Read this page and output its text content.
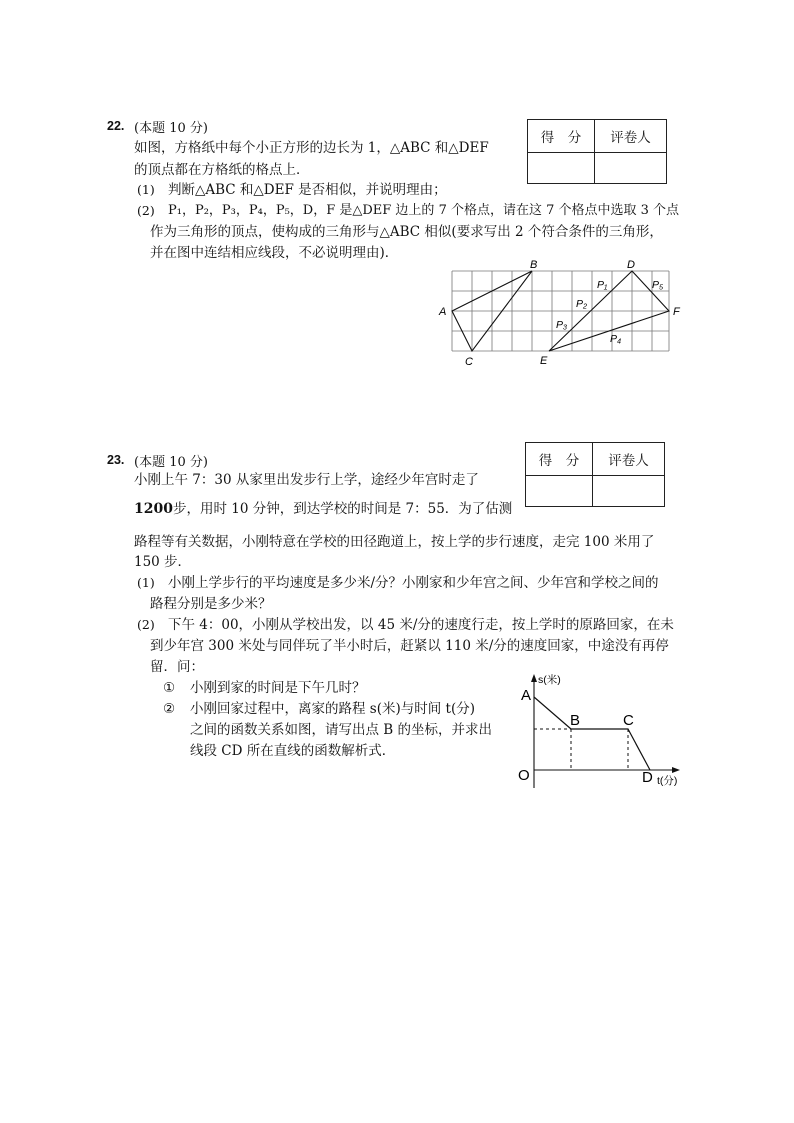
22. (本题 10 分)
得　分	评卷人

如图，方格纸中每个小正方形的边长为 1，△ABC 和△DEF
的顶点都在方格纸的格点上．
(1) 判断△ABC 和△DEF 是否相似，并说明理由；
(2) P₁，P₂，P₃，P₄，P₅，D，F 是△DEF 边上的 7 个格点，请在这 7 个格点中选取 3 个点
作为三角形的顶点，使构成的三角形与△ABC 相似(要求写出 2 个符合条件的三角形，
并在图中连结相应线段，不必说明理由)．
A
B
C
D
E
F
P₁
P₂
P₃
P₄
P₅
23. (本题 10 分)	得　分	评卷人

小刚上午 7：30 从家里出发步行上学，途经少年宫时走了
1200步，用时 10 分钟，到达学校的时间是 7：55．为了估测
路程等有关数据，小刚特意在学校的田径跑道上，按上学的步行速度，走完 100 米用了
150 步．
(1) 小刚上学步行的平均速度是多少米/分？小刚家和少年宫之间、少年宫和学校之间的
路程分别是多少米？
(2) 下午 4：00，小刚从学校出发，以 45 米/分的速度行走，按上学时的原路回家，在未
到少年宫 300 米处与同伴玩了半小时后，赶紧以 110 米/分的速度回家，中途没有再停
留．问：
① 小刚到家的时间是下午几时？
② 小刚回家过程中，离家的路程 s(米)与时间 t(分)
之间的函数关系如图，请写出点 B 的坐标，并求出
线段 CD 所在直线的函数解析式．
s(米)
t(分)
A
B	C
D
O
